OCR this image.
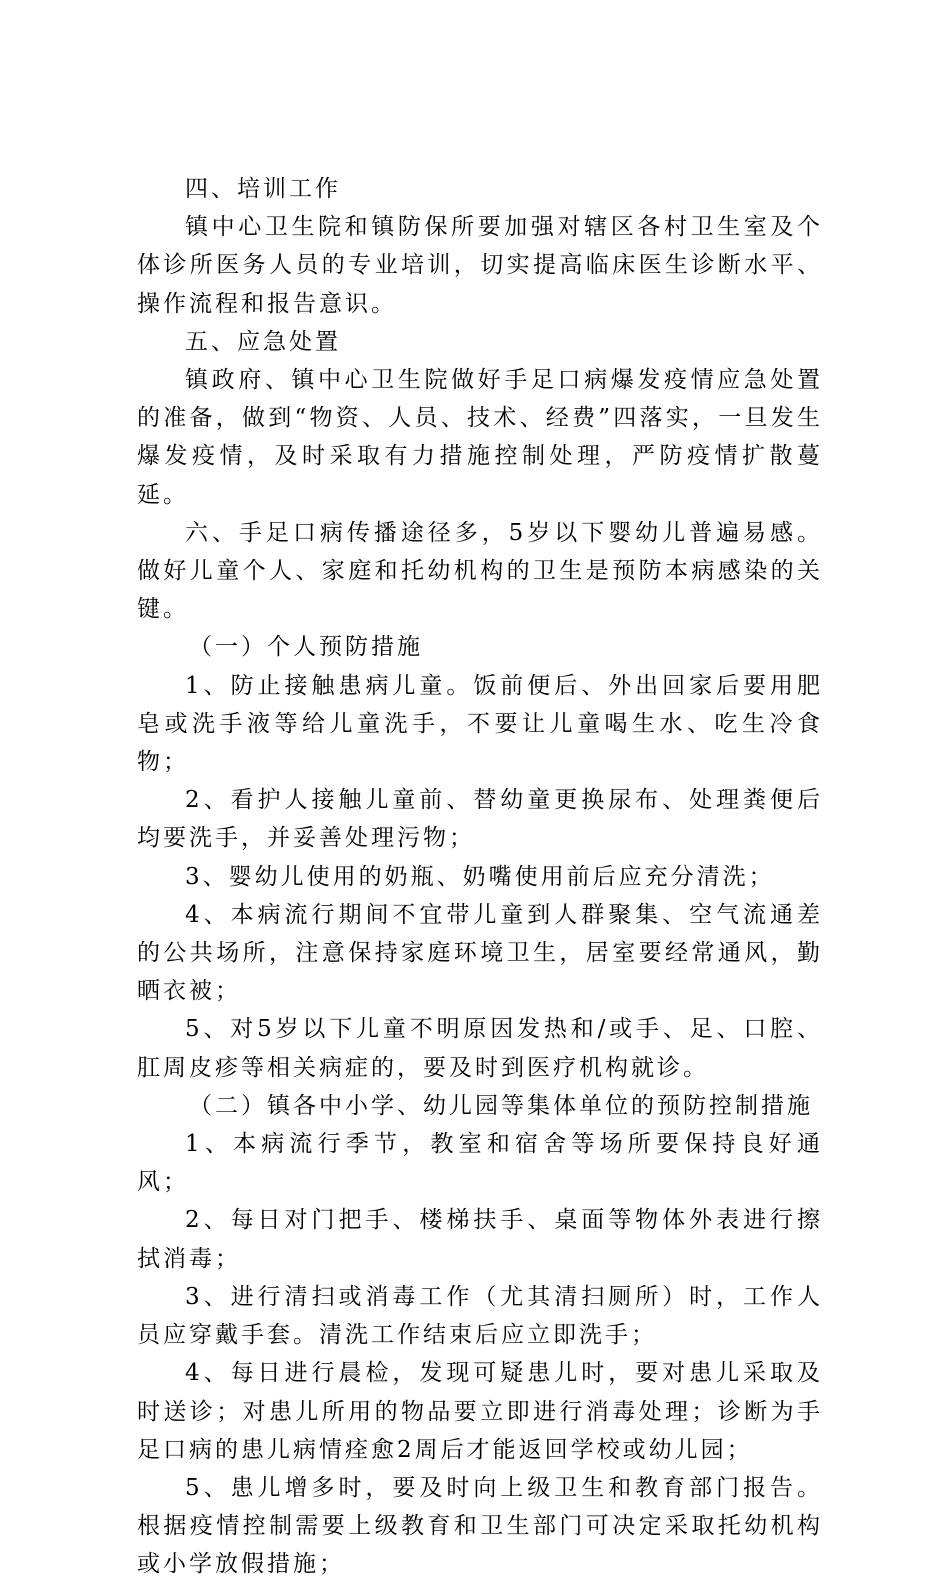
四、培训工作

镇中心卫生院和镇防保所要加强对辖区各村卫生室及个体诊所医务人员的专业培训，切实提高临床医生诊断水平、操作流程和报告意识。

五、应急处置

镇政府、镇中心卫生院做好手足口病爆发疫情应急处置的准备，做到“物资、人员、技术、经费”四落实，一旦发生爆发疫情，及时采取有力措施控制处理，严防疫情扩散蔓延。

六、手足口病传播途径多，5岁以下婴幼儿普遍易感。做好儿童个人、家庭和托幼机构的卫生是预防本病感染的关键。

（一）个人预防措施

1、防止接触患病儿童。饭前便后、外出回家后要用肥皂或洗手液等给儿童洗手，不要让儿童喝生水、吃生冷食物；

2、看护人接触儿童前、替幼童更换尿布、处理粪便后均要洗手，并妥善处理污物；

3、婴幼儿使用的奶瓶、奶嘴使用前后应充分清洗；

4、本病流行期间不宜带儿童到人群聚集、空气流通差的公共场所，注意保持家庭环境卫生，居室要经常通风，勤晒衣被；

5、对5岁以下儿童不明原因发热和/或手、足、口腔、肛周皮疹等相关病症的，要及时到医疗机构就诊。

（二）镇各中小学、幼儿园等集体单位的预防控制措施

1、本病流行季节，教室和宿舍等场所要保持良好通风；

2、每日对门把手、楼梯扶手、桌面等物体外表进行擦拭消毒；

3、进行清扫或消毒工作（尤其清扫厕所）时，工作人员应穿戴手套。清洗工作结束后应立即洗手；

4、每日进行晨检，发现可疑患儿时，要对患儿采取及时送诊；对患儿所用的物品要立即进行消毒处理；诊断为手足口病的患儿病情痊愈2周后才能返回学校或幼儿园；

5、患儿增多时，要及时向上级卫生和教育部门报告。根据疫情控制需要上级教育和卫生部门可决定采取托幼机构或小学放假措施；
